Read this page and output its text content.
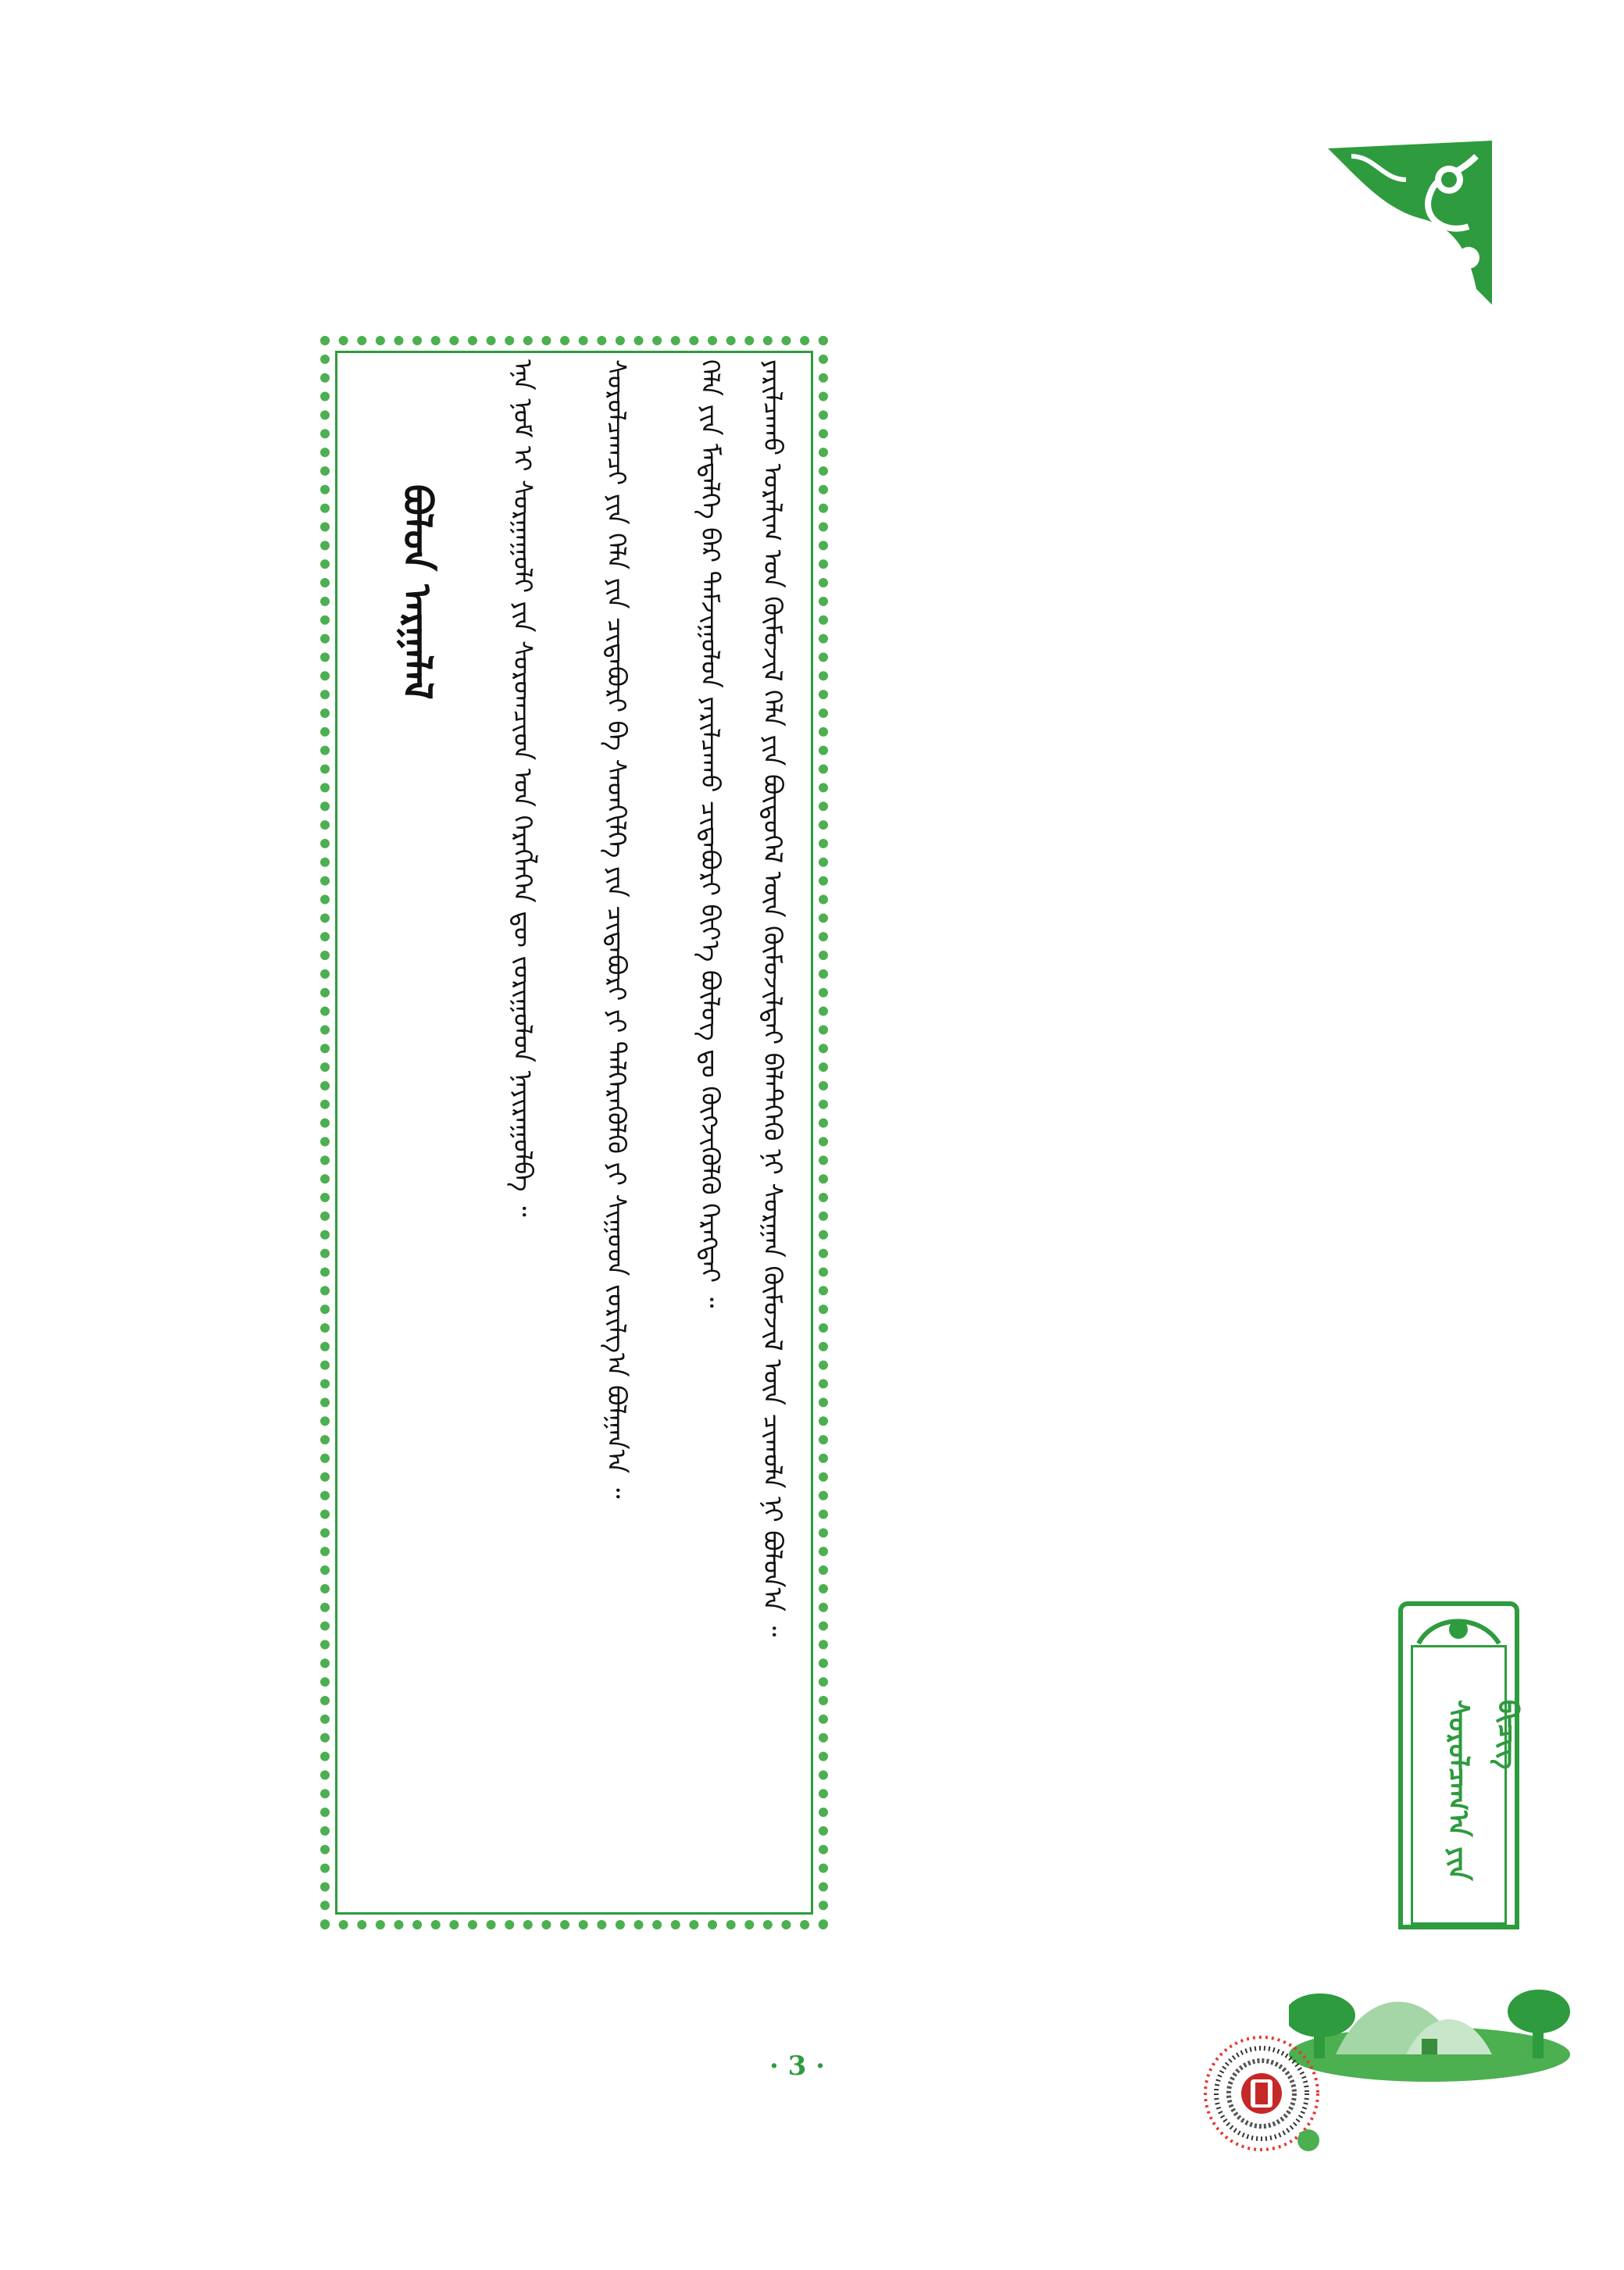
ᠪᠤᠯᠤᠨ ᠠᠷᠭᠠᠯᠠᠯ	ᠡᠨᠡ ᠨᠣᠮ ᠢ ᠰᠤᠷᠭᠠᠭᠤᠯᠢ ᠶᠢᠨ ᠰᠤᠷᠤᠭᠴᠢᠳ ᠤᠨ ᠬᠡᠷᠡᠭᠯᠡᠭᠡᠨ ᠳᠦ ᠵᠣᠷᠢᠭᠤᠯᠤᠨ ᠨᠠᠶᠢᠷᠠᠭᠤᠯᠪᠠ ᠃	ᠰᠤᠷᠤᠯᠴᠠᠭᠴᠢ ᠶᠢᠨ ᠬᠡᠯᠡ ᠶᠢᠨ ᠴᠢᠳᠠᠪᠤᠷᠢ ᠪᠠ ᠰᠡᠳᠬᠢᠯᠭᠡ ᠶᠢᠨ ᠴᠢᠳᠠᠪᠤᠷᠢ ᠶᠢ ᠲᠡᠯᠭᠡᠷᠡᠭᠦᠯᠬᠦ ᠶᠢ ᠰᠢᠭᠤᠳ ᠵᠣᠷᠢᠯᠭ᠎ᠠ ᠪᠣᠯᠭᠠᠨ᠎ᠠ ᠃	ᠬᠡᠯᠡ ᠶᠢᠨ ᠮᠡᠳᠡᠯᠭᠡ ᠪᠡᠷ ᠳᠠᠮᠵᠢᠭᠤᠯᠤᠨ ᠶᠠᠷᠢᠯᠴᠠᠬᠤ ᠴᠢᠳᠠᠪᠤᠷᠢ ᠪᠢᠶ᠎ᠡ ᠪᠦᠯᠦᠭ ᠳᠤ ᠬᠦᠭᠵᠢᠭᠦᠯᠬᠦ ᠬᠡᠷᠡᠭᠲᠡᠢ ᠃	ᠶᠠᠷᠢᠯᠴᠠᠬᠤ ᠤᠷᠠᠯᠢᠭ ᠤᠨ ᠬᠦᠮᠦᠵᠢᠯ ᠬᠡᠯᠡ ᠶᠢᠨ ᠪᠦᠲᠦᠭᠡᠯ ᠦᠨ ᠬᠦᠮᠦᠵᠢᠯᠲᠡᠢ ᠪᠡᠯᠡᠲᠬᠡᠬᠦ ᠨᠢ ᠰᠤᠷᠭᠠᠨ ᠬᠦᠮᠦᠵᠢᠯ ᠦᠨ ᠴᠢᠬᠤᠯᠠ ᠨᠢ ᠪᠣᠯᠤᠨ᠎ᠠ ᠃
· 3 ·
ᠰᠤᠷᠤᠯᠴᠠᠭ᠎ᠠ ᠶᠢᠨ ᠪᠢᠴᠢᠭ
